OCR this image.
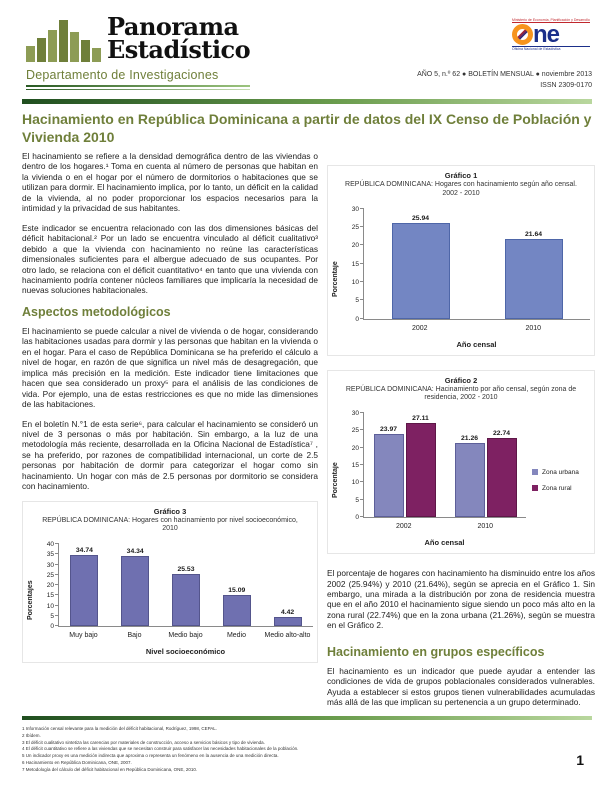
Panorama
Estadístico
Departamento de Investigaciones
Ministerio de Economía, Planificación y Desarrollo
ne
Oficina Nacional de Estadística
AÑO 5, n.º 62 ● BOLETÍN MENSUAL ● noviembre 2013
ISSN 2309-0170
Hacinamiento en República Dominicana a partir de datos del IX Censo de Población y Vivienda 2010

El hacinamiento se refiere a la densidad demográfica dentro de las viviendas o dentro de los hogares.¹ Toma en cuenta al número de personas que habitan en la vivienda o en el hogar por el número de dormitorios o habitaciones que se utilizan para dormir. El hacinamiento implica, por lo tanto, un déficit en la calidad de la vivienda, al no poder proporcionar los espacios necesarios para la intimidad y la privacidad de sus habitantes.

Este indicador se encuentra relacionado con las dos dimensiones básicas del déficit habitacional.² Por un lado se encuentra vinculado al déficit cualitativo³ debido a que la vivienda con hacinamiento no reúne las características dimensionales suficientes para el albergue adecuado de sus ocupantes. Por otro lado, se relaciona con el déficit cuantitativo⁴ en tanto que una vivienda con hacinamiento podría contener núcleos familiares que implicaría la necesidad de nuevas soluciones habitacionales.

Aspectos metodológicos

El hacinamiento se puede calcular a nivel de vivienda o de hogar, considerando las habitaciones usadas para dormir y las personas que habitan en la vivienda o en el hogar. Para el caso de República Dominicana se ha preferido el cálculo a nivel de hogar, en razón de que significa un nivel más de desagregación, que implica más precisión en la medición. Este indicador tiene limitaciones que hacen que sea considerado un proxy⁵ para el análisis de las condiciones de vida. Por ejemplo, una de estas restricciones es que no mide las dimensiones de las habitaciones.

En el boletín N.°1 de esta serie⁶, para calcular el hacinamiento se consideró un nivel de 3 personas o más por habitación. Sin embargo, a la luz de una metodología más reciente, desarrollada en la Oficina Nacional de Estadística⁷ , se ha preferido, por razones de compatibilidad internacional, un corte de 2.5 personas por habitación de dormir para categorizar el hogar como sin hacinamiento. Un hogar con más de 2.5 personas por dormitorio se considera con hacinamiento.

Gráfico 3
REPÚBLICA DOMINICANA: Hogares con hacinamiento por nivel socioeconómico, 2010
Porcentajes
0
5
10
15
20
25
30
35
40
34.74	34.34
25.53
15.09
4.42
Muy bajo	Bajo	Medio bajo	Medio	Medio alto-alto
Nivel socioeconómico
Gráfico 1
REPÚBLICA DOMINICANA: Hogares con hacinamiento según año censal. 2002 - 2010
Porcentaje
0
5
10
15
20
25
30
25.94
21.64
2002	2010
Año censal
Gráfico 2
REPÚBLICA DOMINICANA: Hacinamiento por año censal, según zona de residencia, 2002 - 2010
Porcentaje
0
5
10
15
20
25
30
23.97
27.11
21.26
22.74
2002	2010
Año censal
Zona urbana
Zona rural

El porcentaje de hogares con hacinamiento ha disminuido entre los años 2002 (25.94%) y 2010 (21.64%), según se aprecia en el Gráfico 1. Sin embargo, una mirada a la distribución por zona de residencia muestra que en el año 2010 el hacinamiento sigue siendo un poco más alto en la zona rural (22.74%) que en la zona urbana (21.26%), según se muestra en el Gráfico 2.

Hacinamiento en grupos específicos

El hacinamiento es un indicador que puede ayudar a entender las condiciones de vida de grupos poblacionales considerados vulnerables. Ayuda a establecer si estos grupos tienen vulnerabilidades acumuladas más allá de las que implican su pertenencia a un grupo determinado.

1 Información censal relevante para la medición del déficit habitacional, Rodríguez, 1998, CEPAL.
2 Ibídem.
3 El déficit cualitativo sintetiza las carencias por materiales de construcción, acceso a servicios básicos y tipo de vivienda.
4 El déficit cuantitativo se refiere a las viviendas que se necesitan construir para satisfacer las necesidades habitacionales de la población.
5 Un indicador proxy es una medición indirecta que aproxima o representa un fenómeno en la ausencia de una medición directa.
6 Hacinamiento en República Dominicana, ONE, 2007.
7 Metodología del cálculo del déficit habitacional en República Dominicana, ONE, 2010.
1
